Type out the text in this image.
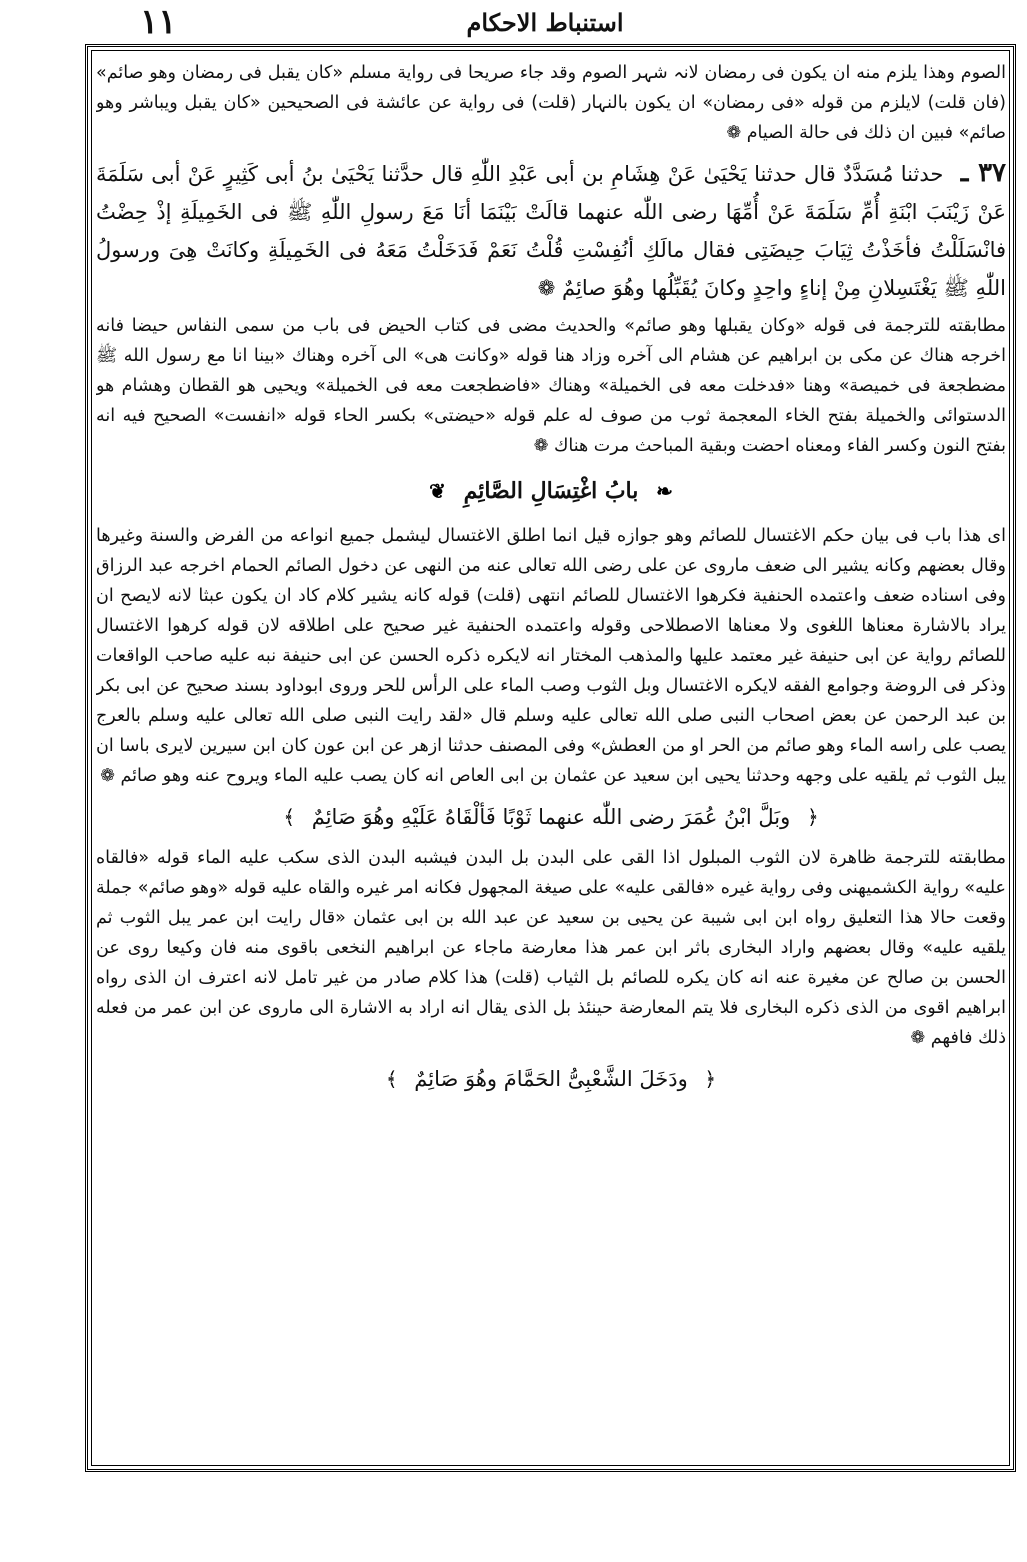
١١	استنباط الاحکام

الصوم وهذا یلزم منه ان یکون فی رمضان لانہ شہر الصوم وقد جاء صریحا فی روایة مسلم «کان یقبل فی رمضان وهو صائم» (فان قلت) لایلزم من قوله «فی رمضان» ان یکون بالنہار (قلت) فی روایة عن عائشة فی الصحیحین «کان یقبل ویباشر وهو صائم» فبین ان ذلك فی حالة الصیام ❁

٣٧ ـ حدثنا مُسَدَّدٌ قال حدثنا یَحْیَیٰ عَنْ هِشَامِ بن أبی عَبْدِ اللّٰهِ قال حدَّثنا یَحْیَیٰ بنُ أبی کَثِیرٍ عَنْ أبی سَلَمَةَ عَنْ زَیْنَبَ ابْنَةِ أُمِّ سَلَمَةَ عَنْ أُمِّهَا رضی اللّٰه عنهما قالَتْ بَیْنَمَا أنَا مَعَ رسولِ اللّٰهِ ﷺ فی الخَمِیلَةِ إذْ حِضْتُ فانْسَلَلْتُ فأخَذْتُ ثِیَابَ حِیضَتِی فقال مالَكِ أنُفِسْتِ قُلْتُ نَعَمْ فَدَخَلْتُ مَعَهُ فی الخَمِیلَةِ وکانَتْ هِیَ ورسولُ اللّٰهِ ﷺ یَغْتَسِلانِ مِنْ إناءٍ واحِدٍ وکانَ یُقَبِّلُها وهُوَ صائِمٌ ❁

مطابقته للترجمة فی قوله «وکان یقبلها وهو صائم» والحدیث مضی فی کتاب الحیض فی باب من سمی النفاس حیضا فانه اخرجه هناك عن مکی بن ابراهیم عن هشام الی آخره وزاد هنا قوله «وکانت هی» الی آخره وهناك «بینا انا مع رسول الله ﷺ مضطجعة فی خمیصة» وهنا «فدخلت معه فی الخمیلة» وهناك «فاضطجعت معه فی الخمیلة» ویحیی هو القطان وهشام هو الدستوائی والخمیلة بفتح الخاء المعجمة ثوب من صوف له علم قوله «حیضتی» بکسر الحاء قوله «انفست» الصحیح فیه انه بفتح النون وکسر الفاء ومعناه احضت وبقیة المباحث مرت هناك ❁

❧ بابُ اغْتِسَالِ الصَّائِمِ ❦

ای هذا باب فی بیان حکم الاغتسال للصائم وهو جوازه قیل انما اطلق الاغتسال لیشمل جمیع انواعه من الفرض والسنة وغیرها وقال بعضهم وکانه یشیر الی ضعف ماروی عن علی رضی الله تعالی عنه من النهی عن دخول الصائم الحمام اخرجه عبد الرزاق وفی اسناده ضعف واعتمده الحنفیة فکرهوا الاغتسال للصائم انتهی (قلت) قوله کانه یشیر کلام کاد ان یکون عبثا لانه لایصح ان یراد بالاشارة معناها اللغوی ولا معناها الاصطلاحی وقوله واعتمده الحنفیة غیر صحیح علی اطلاقه لان قوله کرهوا الاغتسال للصائم روایة عن ابی حنیفة غیر معتمد علیها والمذهب المختار انه لایکره ذکره الحسن عن ابی حنیفة نبه علیه صاحب الواقعات وذکر فی الروضة وجوامع الفقه لایکره الاغتسال وبل الثوب وصب الماء علی الرأس للحر وروی ابوداود بسند صحیح عن ابی بکر بن عبد الرحمن عن بعض اصحاب النبی صلی الله تعالی علیه وسلم قال «لقد رایت النبی صلی الله تعالی علیه وسلم بالعرج یصب علی راسه الماء وهو صائم من الحر او من العطش» وفی المصنف حدثنا ازهر عن ابن عون کان ابن سیرین لایری باسا ان یبل الثوب ثم یلقیه علی وجهه وحدثنا یحیی ابن سعید عن عثمان بن ابی العاص انه کان یصب علیه الماء ویروح عنه وهو صائم ❁

﴿ وبَلَّ ابْنُ عُمَرَ رضی اللّٰه عنهما ثَوْبًا فَألْقَاهُ عَلَیْهِ وهُوَ صَائِمٌ ﴾

مطابقته للترجمة ظاهرة لان الثوب المبلول اذا القی علی البدن بل البدن فیشبه البدن الذی سکب علیه الماء قوله «فالقاه علیه» روایة الکشمیهنی وفی روایة غیره «فالقی علیه» علی صیغة المجهول فکانه امر غیره والقاه علیه قوله «وهو صائم» جملة وقعت حالا هذا التعلیق رواه ابن ابی شیبة عن یحیی بن سعید عن عبد الله بن ابی عثمان «قال رایت ابن عمر یبل الثوب ثم یلقیه علیه» وقال بعضهم واراد البخاری باثر ابن عمر هذا معارضة ماجاء عن ابراهیم النخعی باقوی منه فان وکیعا روی عن الحسن بن صالح عن مغیرة عنه انه کان یکره للصائم بل الثیاب (قلت) هذا کلام صادر من غیر تامل لانه اعترف ان الذی رواه ابراهیم اقوی من الذی ذکره البخاری فلا یتم المعارضة حینئذ بل الذی یقال انه اراد به الاشارة الی ماروی عن ابن عمر من فعله ذلك فافهم ❁

﴿ ودَخَلَ الشَّعْبِیُّ الحَمَّامَ وهُوَ صَائِمٌ ﴾
